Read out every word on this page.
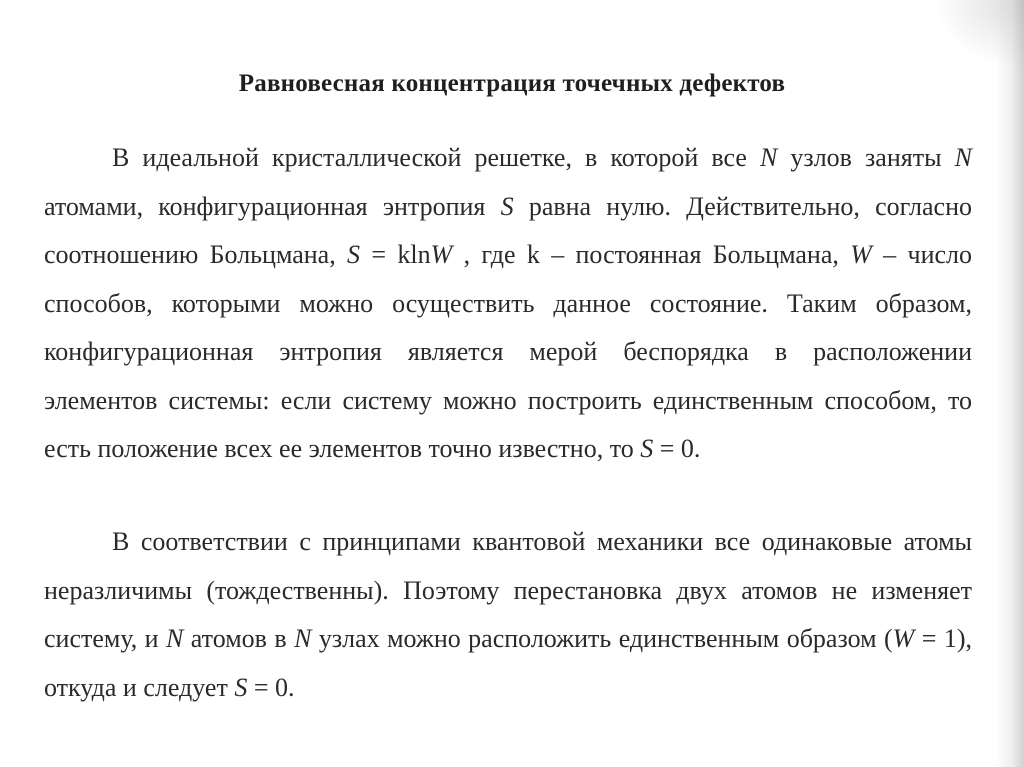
Равновесная концентрация точечных дефектов

В идеальной кристаллической решетке, в которой все N узлов заняты N атомами, конфигурационная энтропия S равна нулю. Действительно, согласно соотношению Больцмана, S = klnW , где k – постоянная Больцмана, W – число способов, которыми можно осуществить данное состояние. Таким образом, конфигурационная энтропия является мерой беспорядка в расположении элементов системы: если систему можно построить единственным способом, то есть положение всех ее элементов точно известно, то S = 0.

В соответствии с принципами квантовой механики все одинаковые атомы неразличимы (тождественны). Поэтому перестановка двух атомов не изменяет систему, и N атомов в N узлах можно расположить единственным образом (W = 1), откуда и следует S = 0.
